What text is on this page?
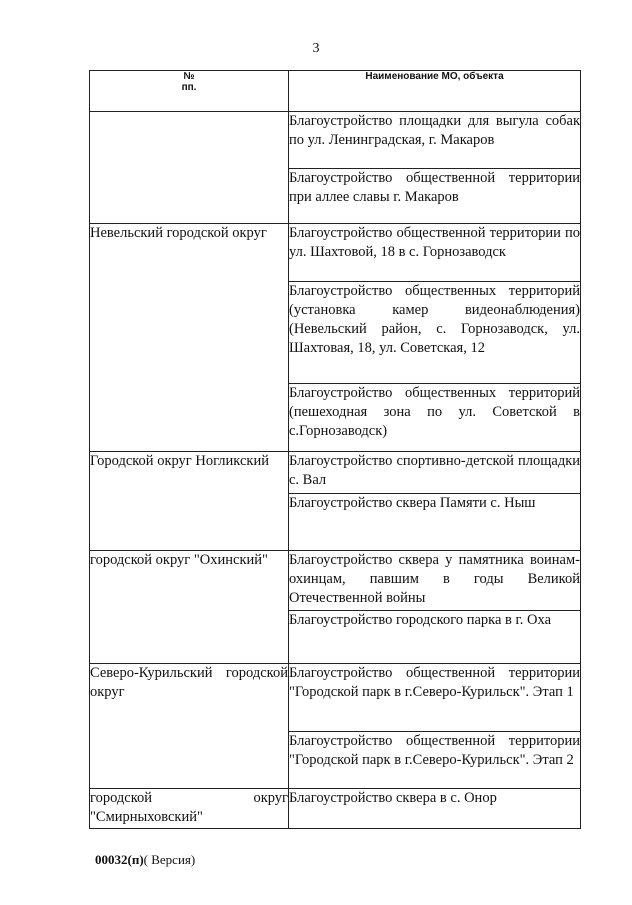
3
№
пп.	Наименование МО, объекта
	Благоустройство площадки для выгула собак по ул. Ленинградская, г. Макаров
	Благоустройство общественной территории при аллее славы г. Макаров
Невельский городской округ	Благоустройство общественной территории по ул. Шахтовой, 18 в с. Горнозаводск
	Благоустройство общественных территорий (установка камер видеонаблюдения) (Невельский район, с. Горнозаводск, ул. Шахтовая, 18, ул. Советская, 12
	Благоустройство общественных территорий (пешеходная зона по ул. Советской в с.Горнозаводск)
Городской округ Ногликский	Благоустройство спортивно-детской площадки с. Вал
	Благоустройство сквера Памяти с. Ныш
городской округ "Охинский"	Благоустройство сквера у памятника воинам-охинцам, павшим в годы Великой Отечественной войны
	Благоустройство городского парка в г. Оха
Северо-Курильский городской округ	Благоустройство общественной территории "Городской парк в г.Северо-Курильск". Этап 1
	Благоустройство общественной территории "Городской парк в г.Северо-Курильск". Этап 2
городской округ "Смирныховский"	Благоустройство сквера в с. Онор
00032(п)( Версия)
